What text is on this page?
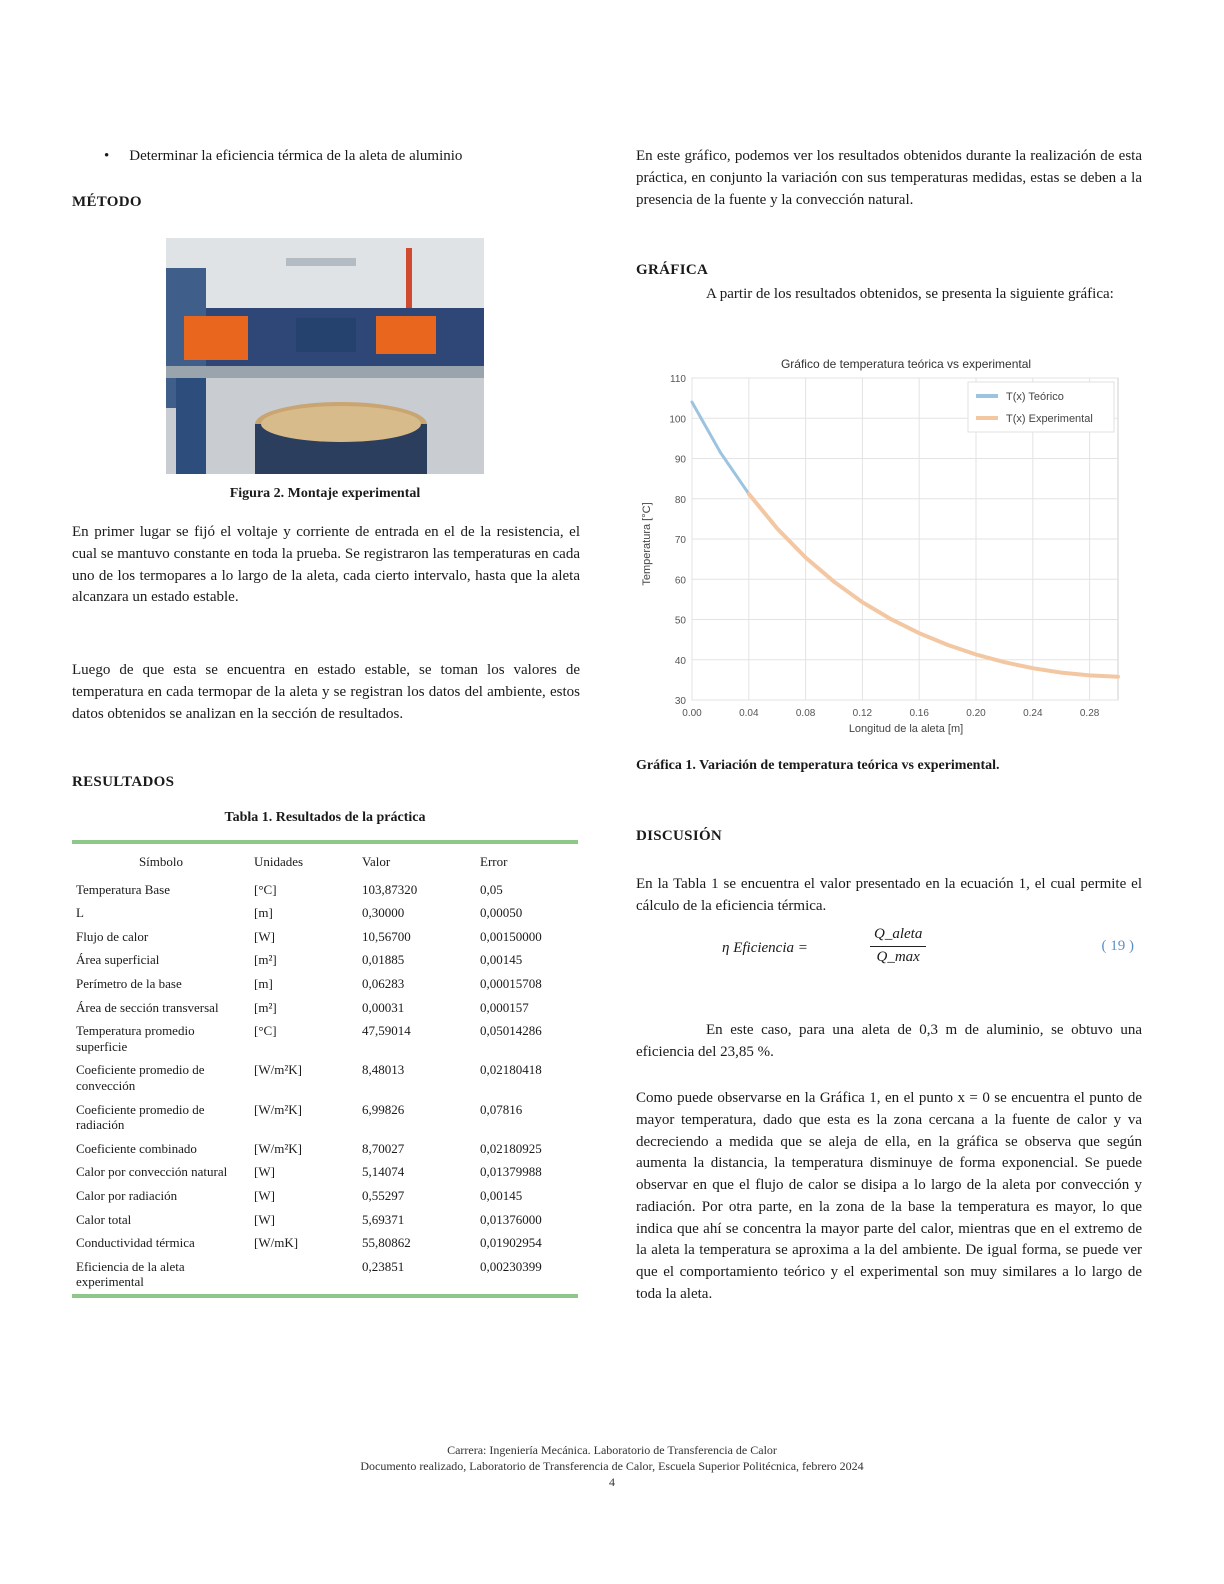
• Determinar la eficiencia térmica de la aleta de aluminio
MÉTODO
Figura 2. Montaje experimental
En primer lugar se fijó el voltaje y corriente de entrada en el de la resistencia, el cual se mantuvo constante en toda la prueba. Se registraron las temperaturas en cada uno de los termopares a lo largo de la aleta, cada cierto intervalo, hasta que la aleta alcanzara un estado estable.
Luego de que esta se encuentra en estado estable, se toman los valores de temperatura en cada termopar de la aleta y se registran los datos del ambiente, estos datos obtenidos se analizan en la sección de resultados.
RESULTADOS
Tabla 1. Resultados de la práctica
Símbolo	Unidades	Valor	Error

Temperatura Base	[°C]	103,87320	0,05
L	[m]	0,30000	0,00050
Flujo de calor	[W]	10,56700	0,00150000
Área superficial	[m²]	0,01885	0,00145
Perímetro de la base	[m]	0,06283	0,00015708
Área de sección transversal	[m²]	0,00031	0,000157
Temperatura promedio superficie	[°C]	47,59014	0,05014286
Coeficiente promedio de convección	[W/m²K]	8,48013	0,02180418
Coeficiente promedio de radiación	[W/m²K]	6,99826	0,07816
Coeficiente combinado	[W/m²K]	8,70027	0,02180925
Calor por convección natural	[W]	5,14074	0,01379988
Calor por radiación	[W]	0,55297	0,00145
Calor total	[W]	5,69371	0,01376000
Conductividad térmica	[W/mK]	55,80862	0,01902954
Eficiencia de la aleta experimental		0,23851	0,00230399
En este gráfico, podemos ver los resultados obtenidos durante la realización de esta práctica, en conjunto la variación con sus temperaturas medidas, estas se deben a la presencia de la fuente y la convección natural.
GRÁFICA
A partir de los resultados obtenidos, se presenta la siguiente gráfica:
Gráfico de temperatura teórica vs experimental
Longitud de la aleta [m]
Temperatura [°C]
30
40
50
60
70
80
90
100
110
0.00	0.04	0.08	0.12	0.16	0.20	0.24	0.28
T(x) Teórico
T(x) Experimental
Gráfica 1. Variación de temperatura teórica vs experimental.
DISCUSIÓN
En la Tabla 1 se encuentra el valor presentado en la ecuación 1, el cual permite el cálculo de la eficiencia térmica.
η Eficiencia =
Q_aleta
Q_max
( 19 )
En este caso, para una aleta de 0,3 m de aluminio, se obtuvo una eficiencia del 23,85 %.
Como puede observarse en la Gráfica 1, en el punto x = 0 se encuentra el punto de mayor temperatura, dado que esta es la zona cercana a la fuente de calor y va decreciendo a medida que se aleja de ella, en la gráfica se observa que según aumenta la distancia, la temperatura disminuye de forma exponencial. Se puede observar en que el flujo de calor se disipa a lo largo de la aleta por convección y radiación. Por otra parte, en la zona de la base la temperatura es mayor, lo que indica que ahí se concentra la mayor parte del calor, mientras que en el extremo de la aleta la temperatura se aproxima a la del ambiente. De igual forma, se puede ver que el comportamiento teórico y el experimental son muy similares a lo largo de toda la aleta.
Carrera: Ingeniería Mecánica. Laboratorio de Transferencia de Calor
Documento realizado, Laboratorio de Transferencia de Calor, Escuela Superior Politécnica, febrero 2024
4
